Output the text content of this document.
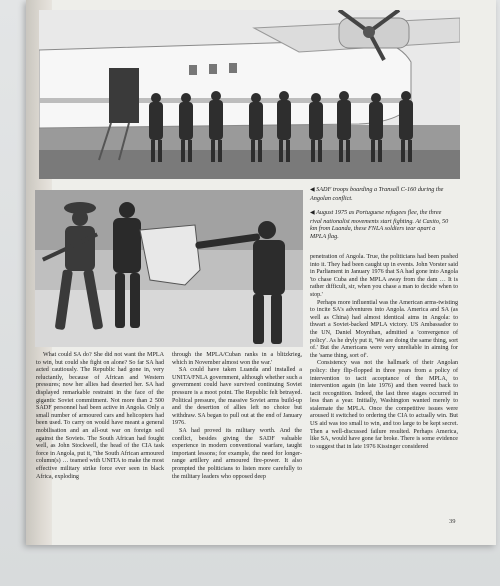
◀ SADF troops boarding a Transall C-160 during the Angolan conflict.
◀ August 1975 as Portuguese refugees flee, the three rival nationalist movements start fighting. At Caxito, 50 km from Luanda, these FNLA soldiers tear apart a MPLA flag.

What could SA do? She did not want the MPLA to win, but could she fight on alone? So far SA had acted cautiously. The Republic had gone in, very reluctantly, because of African and Western pressures; now her allies had deserted her. SA had displayed remarkable restraint in the face of the gigantic Soviet commitment. Not more than 2 500 SADF personnel had been active in Angola. Only a small number of armoured cars and helicopters had been used. To carry on would have meant a general mobilisation and an all-out war on foreign soil against the Soviets. The South African had fought well, as John Stockwell, the head of the CIA task force in Angola, put it, "the South African armoured column(s) … teamed with UNITA to make the most effective military strike force ever seen in black Africa, exploding

through the MPLA/Cuban ranks in a blitzkrieg, which in November almost won the war.'

SA could have taken Luanda and installed a UNITA/FNLA government, although whether such a government could have survived continuing Soviet pressure is a moot point. The Republic felt betrayed. Political pressure, the massive Soviet arms build-up and the desertion of allies left no choice but withdraw. SA began to pull out at the end of January 1976.

SA had proved its military worth. And the conflict, besides giving the SADF valuable experience in modern conventional warfare, taught important lessons; for example, the need for longer-range artillery and armoured fire-power. It also prompted the politicians to listen more carefully to the military leaders who opposed deep

penetration of Angola. True, the politicians had been pushed into it. They had been caught up in events. John Vorster said in Parliament in January 1976 that SA had gone into Angola 'to chase Cuba and the MPLA away from the dam … It is rather difficult, sir, when you chase a man to decide when to stop.'

Perhaps more influential was the American arms-twisting to incite SA's adventures into Angola. America and SA (as well as China) had almost identical aims in Angola: to thwart a Soviet-backed MPLA victory. US Ambassador to the UN, Daniel Moynihan, admitted a 'convergence of policy'. As he dryly put it, 'We are doing the same thing, sort of.' But the Americans were very unreliable in aiming for the 'same thing, sort of'.

Consistency was not the hallmark of their Angolan policy: they flip-flopped in three years from a policy of intervention to tacit acceptance of the MPLA, to intervention again (in late 1976) and then veered back to tacit recognition. Indeed, the last three stages occurred in less than a year. Initially, Washington wanted merely to stalemate the MPLA. Once the competitive issues were aroused it switched to ordering the CIA to actually win. But US aid was too small to win, and too large to be kept secret. Then a well-discussed failure resulted. Perhaps America, like SA, would have gone far broke. There is some evidence to suggest that in late 1976 Kissinger considered

39
